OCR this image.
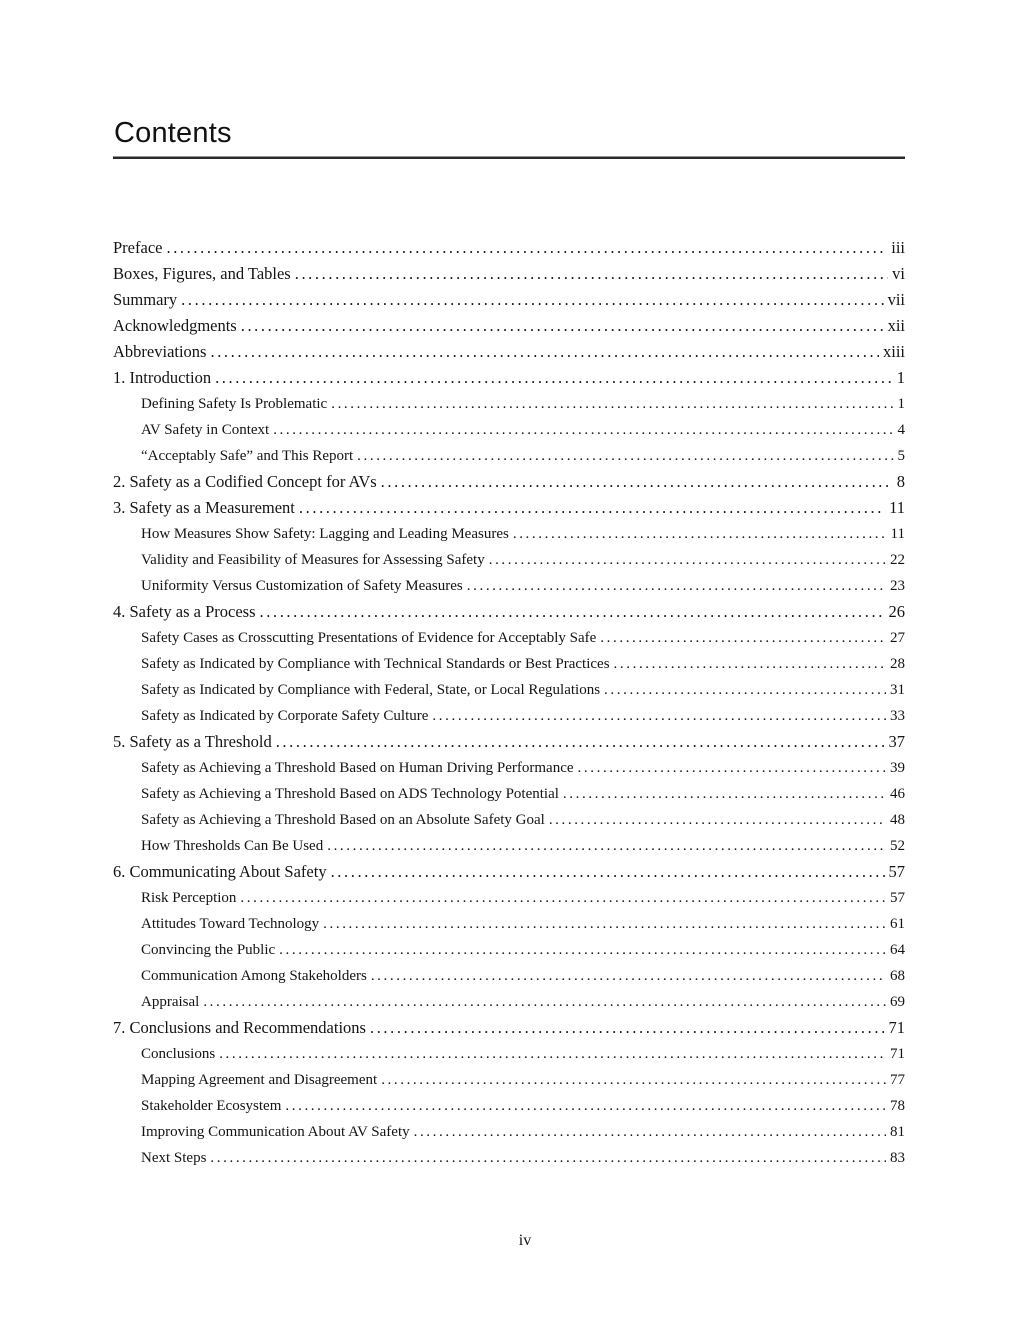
Contents
Preface .....	iii
Boxes, Figures, and Tables .....	vi
Summary .....	vii
Acknowledgments .....	xii
Abbreviations .....	xiii
1. Introduction .....	1
Defining Safety Is Problematic .....	1
AV Safety in Context .....	4
“Acceptably Safe” and This Report .....	5
2. Safety as a Codified Concept for AVs .....	8
3. Safety as a Measurement .....	11
How Measures Show Safety: Lagging and Leading Measures .....	11
Validity and Feasibility of Measures for Assessing Safety .....	22
Uniformity Versus Customization of Safety Measures .....	23
4. Safety as a Process .....	26
Safety Cases as Crosscutting Presentations of Evidence for Acceptably Safe .....	27
Safety as Indicated by Compliance with Technical Standards or Best Practices .....	28
Safety as Indicated by Compliance with Federal, State, or Local Regulations .....	31
Safety as Indicated by Corporate Safety Culture .....	33
5. Safety as a Threshold .....	37
Safety as Achieving a Threshold Based on Human Driving Performance .....	39
Safety as Achieving a Threshold Based on ADS Technology Potential .....	46
Safety as Achieving a Threshold Based on an Absolute Safety Goal .....	48
How Thresholds Can Be Used .....	52
6. Communicating About Safety .....	57
Risk Perception .....	57
Attitudes Toward Technology .....	61
Convincing the Public .....	64
Communication Among Stakeholders .....	68
Appraisal .....	69
7. Conclusions and Recommendations .....	71
Conclusions .....	71
Mapping Agreement and Disagreement .....	77
Stakeholder Ecosystem .....	78
Improving Communication About AV Safety .....	81
Next Steps .....	83
iv
